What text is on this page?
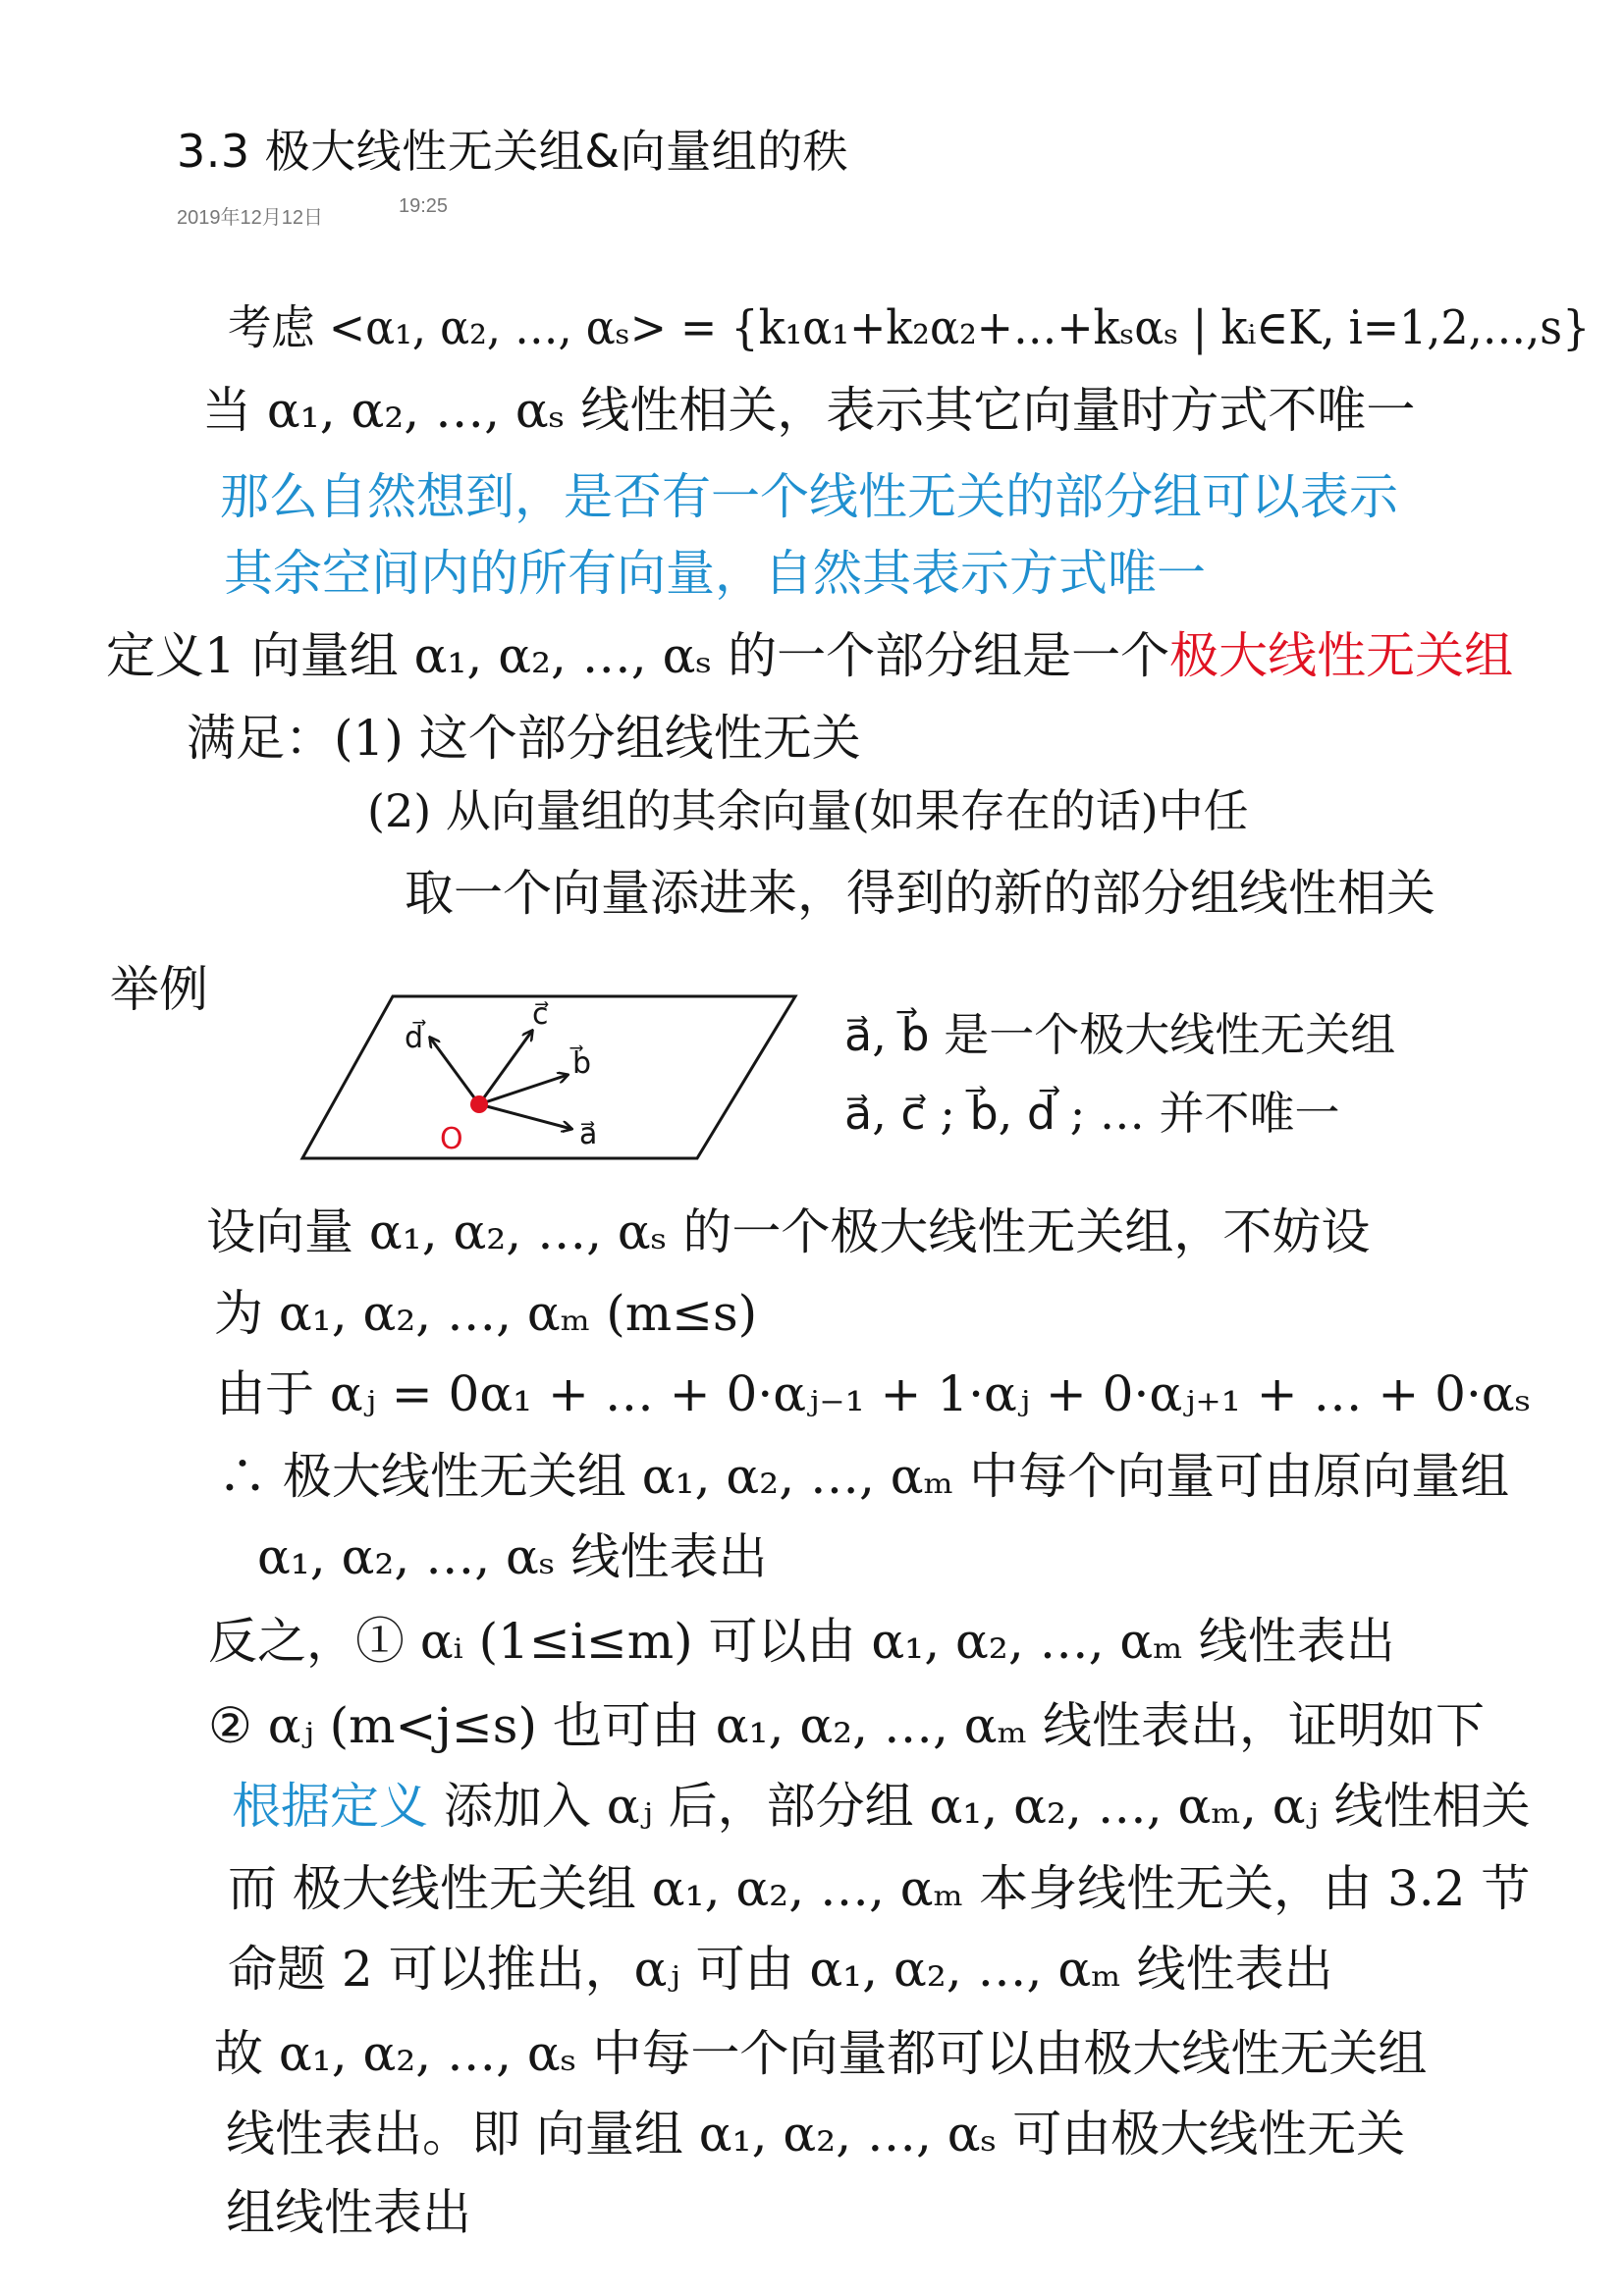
3.3 极大线性无关组&向量组的秩
2019年12月12日
19:25
考虑 <α₁, α₂, …, αₛ> = {k₁α₁+k₂α₂+…+kₛαₛ | kᵢ∈K, i=1,2,…,s}
当 α₁, α₂, …, αₛ 线性相关，表示其它向量时方式不唯一
那么自然想到，是否有一个线性无关的部分组可以表示
其余空间内的所有向量，自然其表示方式唯一
定义1 向量组 α₁, α₂, …, αₛ 的一个部分组是一个极大线性无关组
满足：(1) 这个部分组线性无关
(2) 从向量组的其余向量(如果存在的话)中任
取一个向量添进来，得到的新的部分组线性相关
举例
O
d⃗
c⃗
b⃗
a⃗
a⃗, b⃗ 是一个极大线性无关组
a⃗, c⃗ ; b⃗, d⃗ ; … 并不唯一
设向量 α₁, α₂, …, αₛ 的一个极大线性无关组，不妨设
为 α₁, α₂, …, αₘ (m≤s)
由于 αⱼ = 0α₁ + … + 0·αⱼ₋₁ + 1·αⱼ + 0·αⱼ₊₁ + … + 0·αₛ
∴ 极大线性无关组 α₁, α₂, …, αₘ 中每个向量可由原向量组
α₁, α₂, …, αₛ 线性表出
反之，① αᵢ (1≤i≤m) 可以由 α₁, α₂, …, αₘ 线性表出
② αⱼ (m<j≤s) 也可由 α₁, α₂, …, αₘ 线性表出，证明如下
根据定义 添加入 αⱼ 后，部分组 α₁, α₂, …, αₘ, αⱼ 线性相关
而 极大线性无关组 α₁, α₂, …, αₘ 本身线性无关，由 3.2 节
命题 2 可以推出，αⱼ 可由 α₁, α₂, …, αₘ 线性表出
故 α₁, α₂, …, αₛ 中每一个向量都可以由极大线性无关组
线性表出。即 向量组 α₁, α₂, …, αₛ 可由极大线性无关
组线性表出
